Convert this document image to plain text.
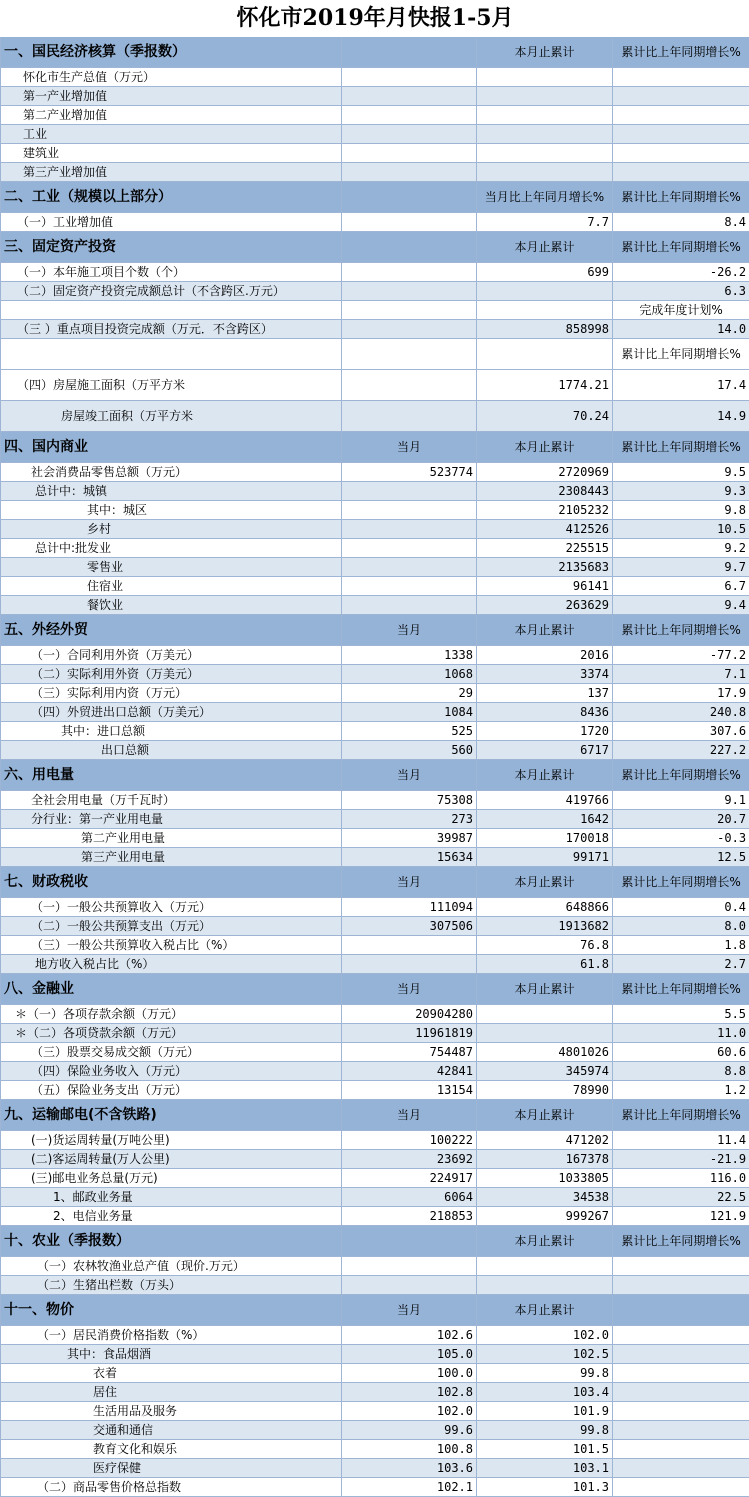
怀化市2019年月快报1-5月			
一、国民经济核算（季报数）		本月止累计	累计比上年同期增长%
怀化市生产总值（万元）			
第一产业增加值			
第二产业增加值			
工业			
建筑业			
第三产业增加值			
二、工业（规模以上部分）		当月比上年同月增长%	累计比上年同期增长%
（一）工业增加值		7.7	8.4
三、固定资产投资		本月止累计	累计比上年同期增长%
（一）本年施工项目个数（个）		699	-26.2
（二）固定资产投资完成额总计（不含跨区.万元）			6.3
			完成年度计划%
（三 ）重点项目投资完成额（万元．不含跨区）		858998	14.0
			累计比上年同期增长%
（四）房屋施工面积（万平方米		1774.21	17.4
房屋竣工面积（万平方米		70.24	14.9
四、国内商业	当月	本月止累计	累计比上年同期增长%
社会消费品零售总额（万元）	523774	2720969	9.5
总计中：城镇		2308443	9.3
其中：城区		2105232	9.8
乡村		412526	10.5
总计中:批发业		225515	9.2
零售业		2135683	9.7
住宿业		96141	6.7
餐饮业		263629	9.4
五、外经外贸	当月	本月止累计	累计比上年同期增长%
（一）合同利用外资（万美元）	1338	2016	-77.2
（二）实际利用外资（万美元）	1068	3374	7.1
（三）实际利用内资（万元）	29	137	17.9
（四）外贸进出口总额（万美元）	1084	8436	240.8
其中：进口总额	525	1720	307.6
出口总额	560	6717	227.2
六、用电量	当月	本月止累计	累计比上年同期增长%
全社会用电量（万千瓦时）	75308	419766	9.1
分行业：第一产业用电量	273	1642	20.7
第二产业用电量	39987	170018	-0.3
第三产业用电量	15634	99171	12.5
七、财政税收	当月	本月止累计	累计比上年同期增长%
（一）一般公共预算收入（万元）	111094	648866	0.4
（二）一般公共预算支出（万元）	307506	1913682	8.0
（三）一般公共预算收入税占比（%）		76.8	1.8
地方收入税占比（%）		61.8	2.7
八、金融业	当月	本月止累计	累计比上年同期增长%
＊（一）各项存款余额（万元）	20904280		5.5
＊（二）各项贷款余额（万元）	11961819		11.0
（三）股票交易成交额（万元）	754487	4801026	60.6
（四）保险业务收入（万元）	42841	345974	8.8
（五）保险业务支出（万元）	13154	78990	1.2
九、运输邮电(不含铁路)	当月	本月止累计	累计比上年同期增长%
(一)货运周转量(万吨公里)	100222	471202	11.4
(二)客运周转量(万人公里)	23692	167378	-21.9
(三)邮电业务总量(万元)	224917	1033805	116.0
1、邮政业务量	6064	34538	22.5
2、电信业务量	218853	999267	121.9
十、农业（季报数）		本月止累计	累计比上年同期增长%
（一）农林牧渔业总产值（现价.万元）			
（二）生猪出栏数（万头）			
十一、物价	当月	本月止累计	
（一）居民消费价格指数（%）	102.6	102.0	
其中：食品烟酒	105.0	102.5	
衣着	100.0	99.8	
居住	102.8	103.4	
生活用品及服务	102.0	101.9	
交通和通信	99.6	99.8	
教育文化和娱乐	100.8	101.5	
医疗保健	103.6	103.1	
（二）商品零售价格总指数	102.1	101.3	
